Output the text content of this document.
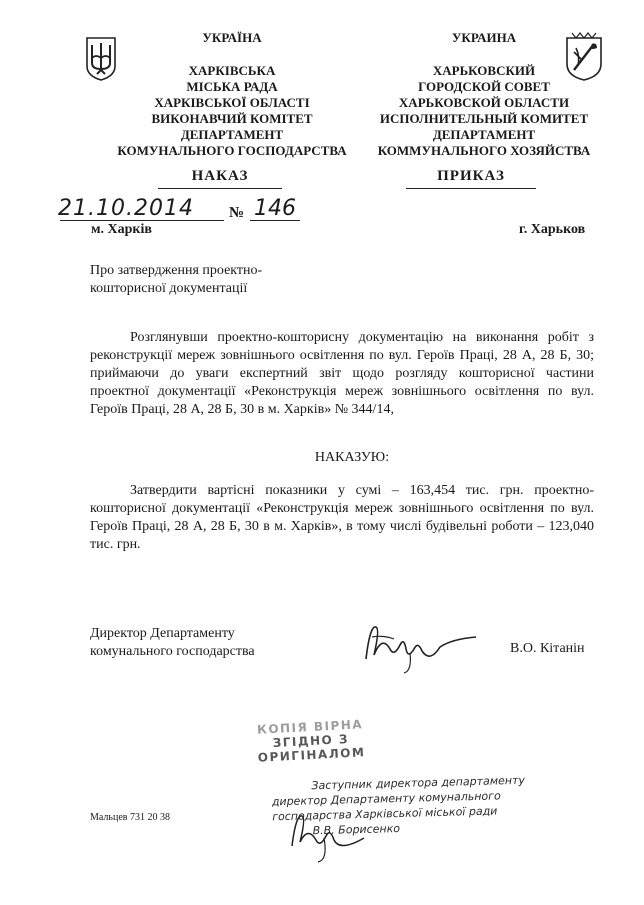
УКРАЇНА
ХАРКІВСЬКА
МІСЬКА РАДА
ХАРКІВСЬКОЇ ОБЛАСТІ
ВИКОНАВЧИЙ КОМІТЕТ
ДЕПАРТАМЕНТ
КОМУНАЛЬНОГО ГОСПОДАРСТВА
УКРАИНА
ХАРЬКОВСКИЙ
ГОРОДСКОЙ СОВЕТ
ХАРЬКОВСКОЙ ОБЛАСТИ
ИСПОЛНИТЕЛЬНЫЙ КОМИТЕТ
ДЕПАРТАМЕНТ
КОММУНАЛЬНОГО ХОЗЯЙСТВА
НАКАЗ	ПРИКАЗ
21.10.2014 № 146
м. Харків	г. Харьков
Про затвердження проектно-кошторисної документації
Розглянувши проектно-кошторисну документацію на виконання робіт з реконструкції мереж зовнішнього освітлення по вул. Героїв Праці, 28 А, 28 Б, 30; приймаючи до уваги експертний звіт щодо розгляду кошторисної частини проектної документації «Реконструкція мереж зовнішнього освітлення по вул. Героїв Праці, 28 А, 28 Б, 30 в м. Харків» № 344/14,
НАКАЗУЮ:
Затвердити вартісні показники у сумі – 163,454 тис. грн. проектно-кошторисної документації «Реконструкція мереж зовнішнього освітлення по вул. Героїв Праці, 28 А, 28 Б, 30 в м. Харків», в тому числі будівельні роботи – 123,040 тис. грн.
Директор Департаменту
комунального господарства	В.О. Кітанін
КОПІЯ ВІРНА
ЗГІДНО З
ОРИГІНАЛОМ
Заступник директора департаменту
директор Департаменту комунального
господарства Харківської міської ради
В.В. Борисенко
Мальцев 731 20 38
